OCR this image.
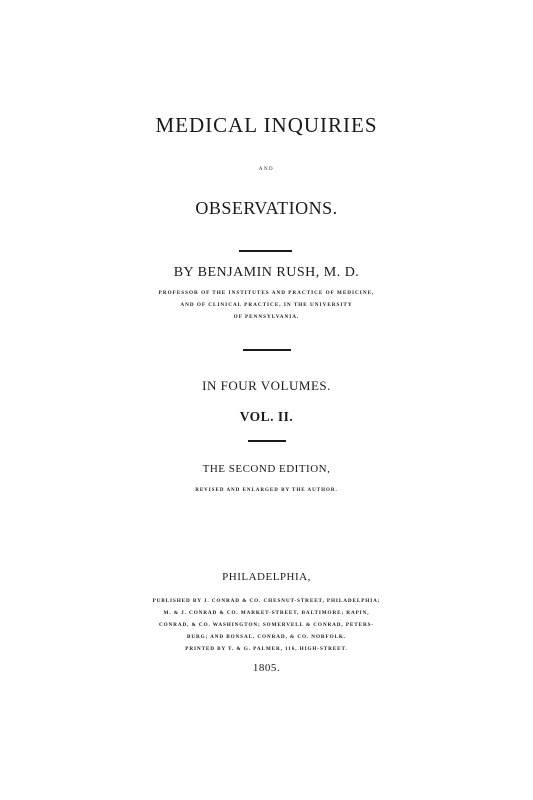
MEDICAL INQUIRIES
AND
OBSERVATIONS.
BY BENJAMIN RUSH, M. D.
PROFESSOR OF THE INSTITUTES AND PRACTICE OF MEDICINE,
AND OF CLINICAL PRACTICE, IN THE UNIVERSITY
OF PENNSYLVANIA.
IN FOUR VOLUMES.
VOL. II.
THE SECOND EDITION,
REVISED AND ENLARGED BY THE AUTHOR.
PHILADELPHIA,
PUBLISHED BY J. CONRAD & CO. CHESNUT-STREET, PHILADELPHIA;
M. & J. CONRAD & CO. MARKET-STREET, BALTIMORE; RAPIN,
CONRAD, & CO. WASHINGTON; SOMERVELL & CONRAD, PETERS-
BURG; AND BONSAL, CONRAD, & CO. NORFOLK.
PRINTED BY T. & G. PALMER, 116, HIGH-STREET.
1805.
